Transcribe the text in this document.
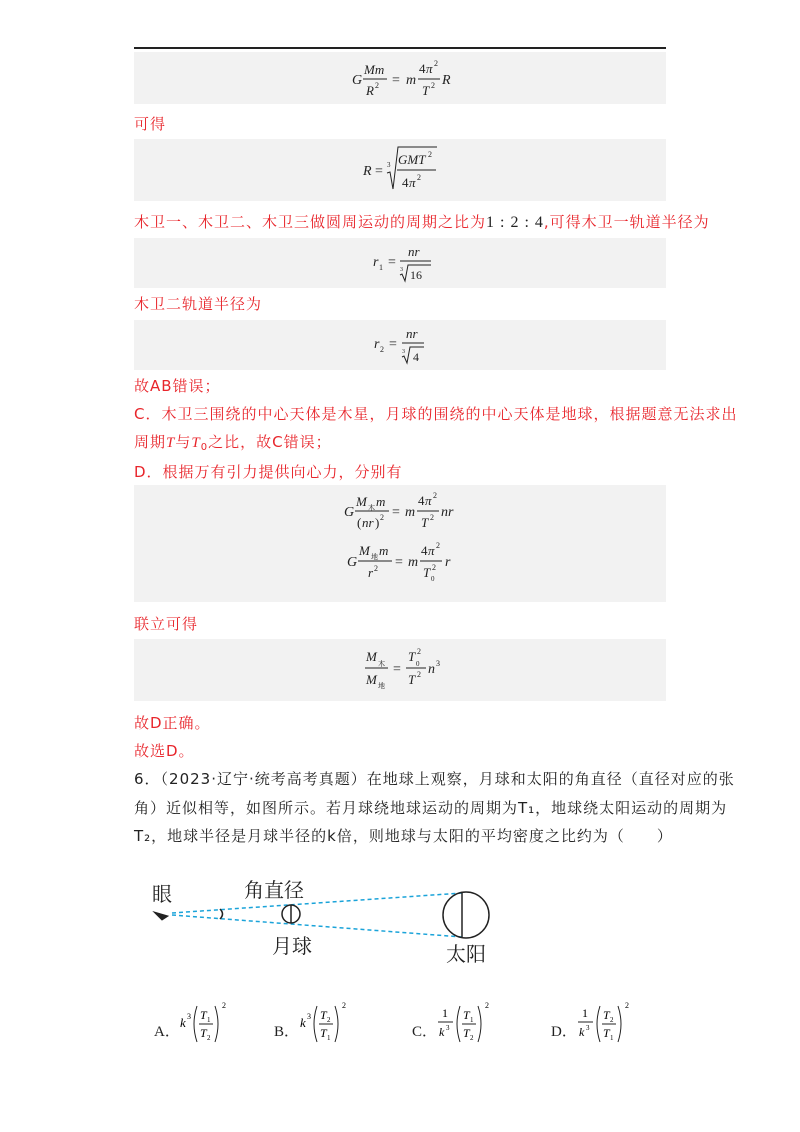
G
Mm
R 2 = m
4 π 2
T 2 R
可得
R = 3 GMT 2
4 π 2
木卫一、木卫二、木卫三做圆周运动的周期之比为1 : 2 : 4,可得木卫一轨道半径为
r 1 =
nr
3 16
木卫二轨道半径为
r 2 =
nr
3 4
故AB错误；
C．木卫三围绕的中心天体是木星，月球的围绕的中心天体是地球，根据题意无法求出
周期T与$T_0$之比，故C错误；
D．根据万有引力提供向心力，分别有
G
M 木 m
( nr ) 2 = m
4 π 2
T 2 nr
G
M 地 m
r 2 = m
4 π 2
T 2
0
r
联立可得
M 木
M 地
=
T 2
0
T 2 n 3
故D正确。
故选D。
6．（2023·辽宁·统考高考真题）在地球上观察，月球和太阳的角直径（直径对应的张
角）近似相等，如图所示。若月球绕地球运动的周期为T₁，地球绕太阳运动的周期为
T₂，地球半径是月球半径的k倍，则地球与太阳的平均密度之比约为（　　）
眼	角直径
月球	太阳
A．
k 3 T 1
T 2
2
B．
k 3 T 2
T 1
2
C．
1
k 3
T 1
T 2
2
D．
1
k 3
T 2
T 1
2
